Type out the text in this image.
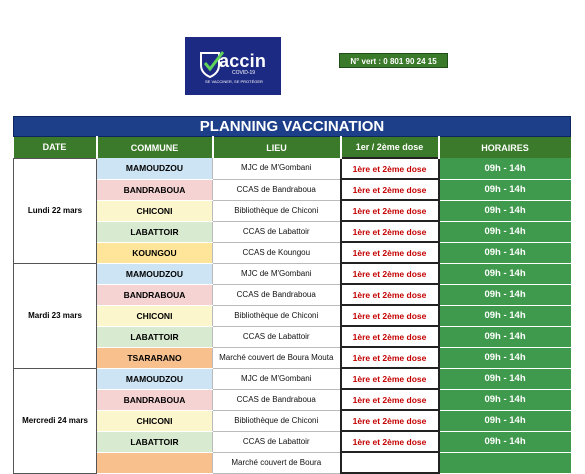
accin
COVID-19
SE VACCINER, SE PROTÉGER
N° vert : 0 801 90 24 15
PLANNING VACCINATION				
DATE	COMMUNE	LIEU	1er / 2ème dose	HORAIRES
Lundi 22 mars	MAMOUDZOU	MJC de M'Gombani	1ère et 2ème dose	09h - 14h
	BANDRABOUA	CCAS de Bandraboua	1ère et 2ème dose	09h - 14h
	CHICONI	Bibliothèque de Chiconi	1ère et 2ème dose	09h - 14h
	LABATTOIR	CCAS de Labattoir	1ère et 2ème dose	09h - 14h
	KOUNGOU	CCAS de Koungou	1ère et 2ème dose	09h - 14h
Mardi 23 mars	MAMOUDZOU	MJC de M'Gombani	1ère et 2ème dose	09h - 14h
	BANDRABOUA	CCAS de Bandraboua	1ère et 2ème dose	09h - 14h
	CHICONI	Bibliothèque de Chiconi	1ère et 2ème dose	09h - 14h
	LABATTOIR	CCAS de Labattoir	1ère et 2ème dose	09h - 14h
	TSARARANO	Marché couvert de Boura Mouta	1ère et 2ème dose	09h - 14h
Mercredi 24 mars	MAMOUDZOU	MJC de M'Gombani	1ère et 2ème dose	09h - 14h
	BANDRABOUA	CCAS de Bandraboua	1ère et 2ème dose	09h - 14h
	CHICONI	Bibliothèque de Chiconi	1ère et 2ème dose	09h - 14h
	LABATTOIR	CCAS de Labattoir	1ère et 2ème dose	09h - 14h
		Marché couvert de Boura		
